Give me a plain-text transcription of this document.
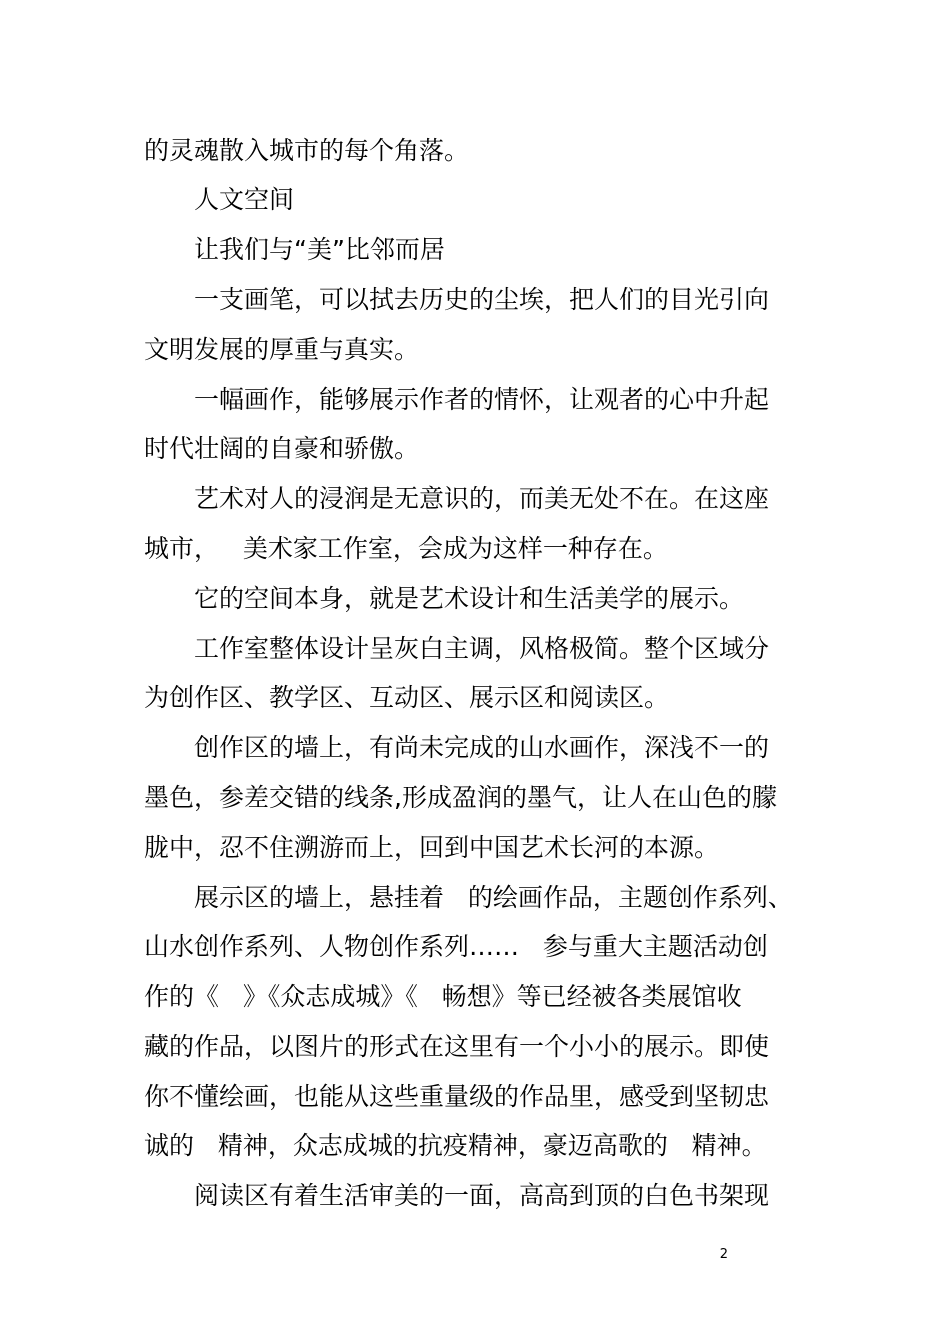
的灵魂散入城市的每个角落。
人文空间
让我们与“美”比邻而居
一支画笔，可以拭去历史的尘埃，把人们的目光引向
文明发展的厚重与真实。
一幅画作，能够展示作者的情怀，让观者的心中升起
时代壮阔的自豪和骄傲。
艺术对人的浸润是无意识的，而美无处不在。在这座
城市，   美术家工作室，会成为这样一种存在。
它的空间本身，就是艺术设计和生活美学的展示。
工作室整体设计呈灰白主调，风格极简。整个区域分
为创作区、教学区、互动区、展示区和阅读区。
创作区的墙上，有尚未完成的山水画作，深浅不一的
墨色，参差交错的线条,形成盈润的墨气，让人在山色的朦
胧中，忍不住溯游而上，回到中国艺术长河的本源。
展示区的墙上，悬挂着   的绘画作品，主题创作系列、
山水创作系列、人物创作系列……   参与重大主题活动创
作的《   》《众志成城》《   畅想》等已经被各类展馆收
藏的作品，以图片的形式在这里有一个小小的展示。即使
你不懂绘画，也能从这些重量级的作品里，感受到坚韧忠
诚的   精神，众志成城的抗疫精神，豪迈高歌的   精神。
阅读区有着生活审美的一面，高高到顶的白色书架现
2
